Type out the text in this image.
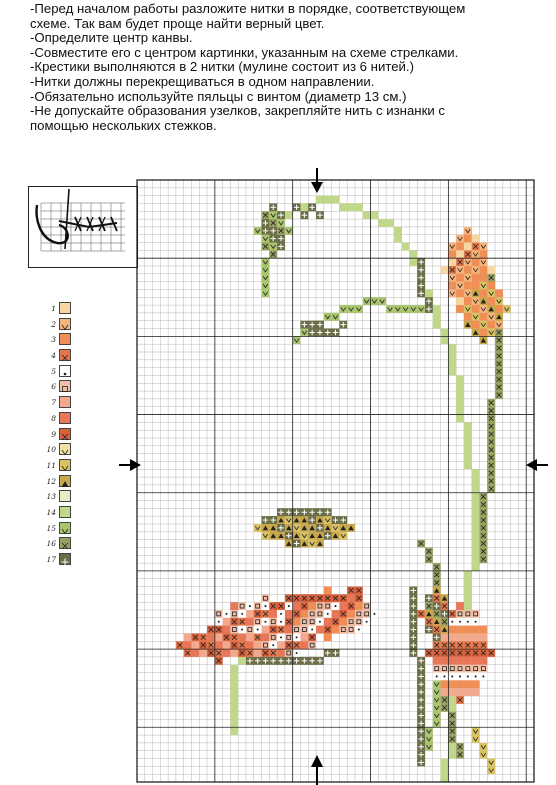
-Перед началом работы разложите нитки в порядке, соответствующем
схеме. Так вам будет проще найти верный цвет.
-Определите центр канвы.
-Совместите его с центром картинки, указанным на схеме стрелками.
-Крестики выполняются в 2 нитки (мулине состоит из 6 нитей.)
-Нитки должны перекрещиваться в одном направлении.
-Обязательно используйте пяльцы с винтом (диаметр 13 см.)
-Не допускайте образования узелков, закрепляйте нить с изнанки с
помощью нескольких стежков.
1
2
3
4
5
6
7
8
9
10
11
12
13
14
15
16
17
